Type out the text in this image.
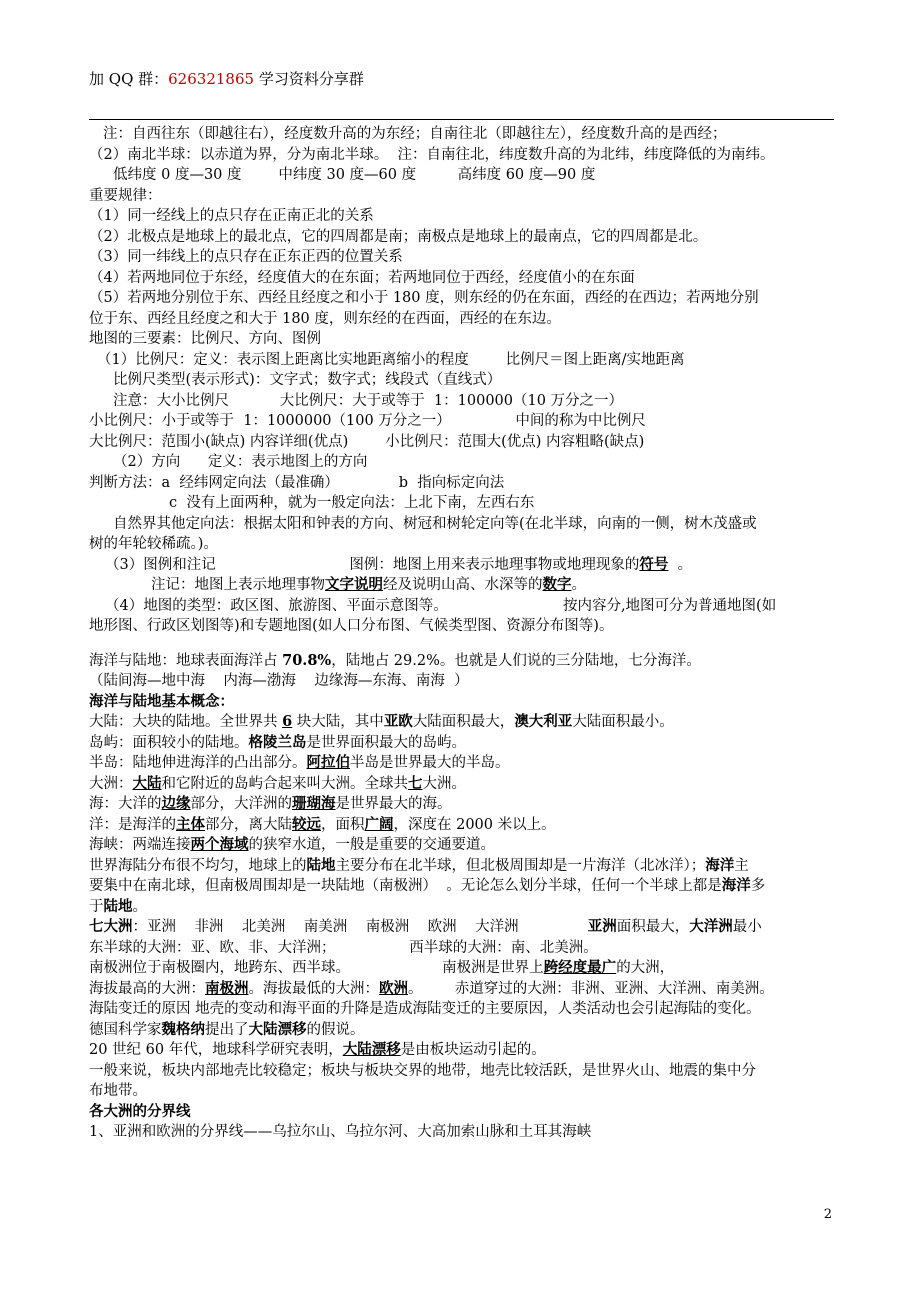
加 QQ 群：626321865 学习资料分享群

注：自西往东（即越往右），经度数升高的为东经；自南往北（即越往左），经度数升高的是西经；

（2）南北半球：以赤道为界，分为南北半球。  注：自南往北，纬度数升高的为北纬，纬度降低的为南纬。

低纬度 0 度—30 度        中纬度 30 度—60 度         高纬度 60 度—90 度

重要规律：

（1）同一经线上的点只存在正南正北的关系

（2）北极点是地球上的最北点，它的四周都是南；南极点是地球上的最南点，它的四周都是北。

（3）同一纬线上的点只存在正东正西的位置关系

（4）若两地同位于东经，经度值大的在东面；若两地同位于西经，经度值小的在东面

（5）若两地分别位于东、西经且经度之和小于 180 度，则东经的仍在东面，西经的在西边；若两地分别

位于东、西经且经度之和大于 180 度，则东经的在西面，西经的在东边。

地图的三要素：比例尺、方向、图例

（1）比例尺：定义：表示图上距离比实地距离缩小的程度        比例尺＝图上距离/实地距离

比例尺类型(表示形式)：文字式；数字式；线段式（直线式）

注意：大小比例尺           大比例尺：大于或等于  1：100000（10 万分之一）

小比例尺：小于或等于  1：1000000（100 万分之一）              中间的称为中比例尺

大比例尺：范围小(缺点) 内容详细(优点)        小比例尺：范围大(优点) 内容粗略(缺点)

（2）方向      定义：表示地图上的方向

判断方法：a  经纬网定向法（最准确）             b  指向标定向法

c  没有上面两种，就为一般定向法：上北下南，左西右东

自然界其他定向法：根据太阳和钟表的方向、树冠和树轮定向等(在北半球，向南的一侧，树木茂盛或

树的年轮较稀疏。)。

（3）图例和注记                             图例：地图上用来表示地理事物或地理现象的符号  。

注记：地图上表示地理事物文字说明经及说明山高、水深等的数字。

（4）地图的类型：政区图、旅游图、平面示意图等。                         按内容分,地图可分为普通地图(如

地形图、行政区划图等)和专题地图(如人口分布图、气候类型图、资源分布图等)。

海洋与陆地：地球表面海洋占 70.8%，陆地占 29.2%。也就是人们说的三分陆地，七分海洋。

（陆间海—地中海    内海—渤海    边缘海—东海、南海  ）

海洋与陆地基本概念：

大陆：大块的陆地。全世界共 6 块大陆，其中亚欧大陆面积最大，澳大利亚大陆面积最小。

岛屿：面积较小的陆地。格陵兰岛是世界面积最大的岛屿。

半岛：陆地伸进海洋的凸出部分。阿拉伯半岛是世界最大的半岛。

大洲：大陆和它附近的岛屿合起来叫大洲。全球共七大洲。

海：大洋的边缘部分，大洋洲的珊瑚海是世界最大的海。

洋：是海洋的主体部分，离大陆较远，面积广阔，深度在 2000 米以上。

海峡：两端连接两个海域的狭窄水道，一般是重要的交通要道。

世界海陆分布很不均匀，地球上的陆地主要分布在北半球，但北极周围却是一片海洋（北冰洋）；海洋主

要集中在南北球，但南极周围却是一块陆地（南极洲）  。无论怎么划分半球，任何一个半球上都是海洋多

于陆地。

七大洲：亚洲    非洲    北美洲    南美洲    南极洲    欧洲    大洋洲               亚洲面积最大，大洋洲最小

东半球的大洲：亚、欧、非、大洋洲；                西半球的大洲：南、北美洲。

南极洲位于南极圈内，地跨东、西半球。                    南极洲是世界上跨经度最广的大洲，

海拔最高的大洲：南极洲。海拔最低的大洲：欧洲。       赤道穿过的大洲：非洲、亚洲、大洋洲、南美洲。

海陆变迁的原因 地壳的变动和海平面的升降是造成海陆变迁的主要原因，人类活动也会引起海陆的变化。

德国科学家魏格纳提出了大陆漂移的假说。

20 世纪 60 年代，地球科学研究表明，大陆漂移是由板块运动引起的。

一般来说，板块内部地壳比较稳定；板块与板块交界的地带，地壳比较活跃，是世界火山、地震的集中分

布地带。

各大洲的分界线

1、亚洲和欧洲的分界线——乌拉尔山、乌拉尔河、大高加索山脉和土耳其海峡

2
